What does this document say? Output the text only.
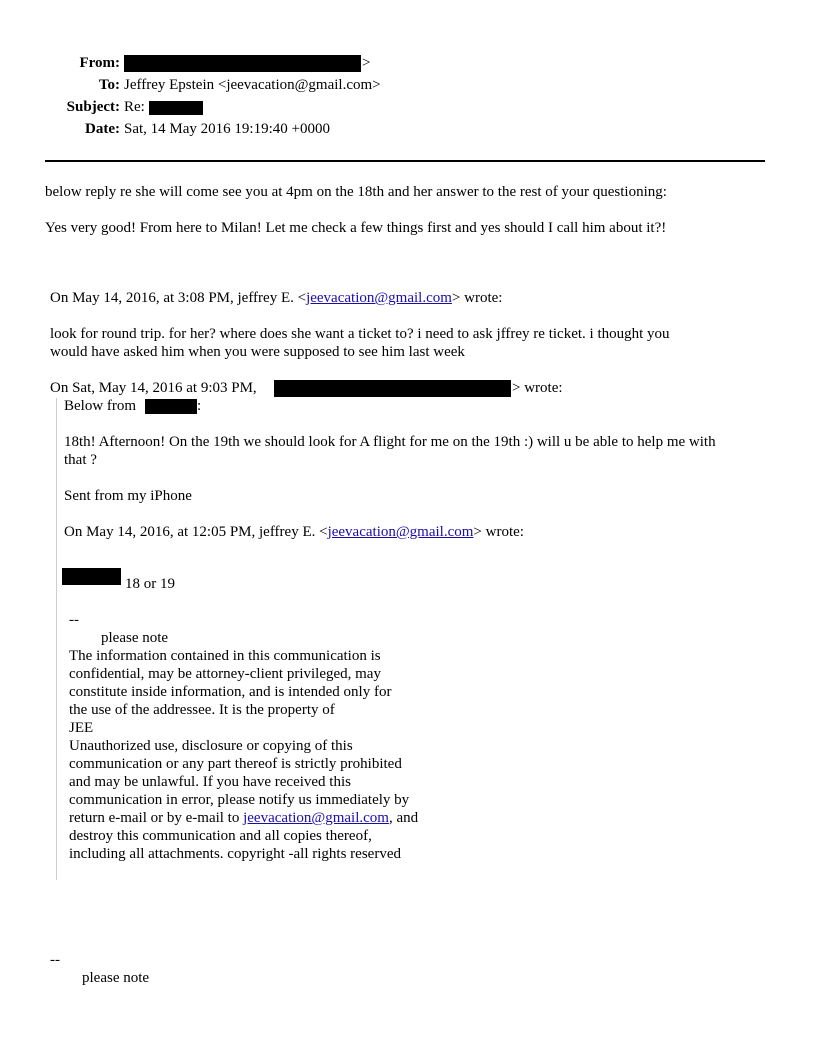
From:	>
To: Jeffrey Epstein <jeevacation@gmail.com>
Subject: Re:
Date: Sat, 14 May 2016 19:19:40 +0000
below reply re she will come see you at 4pm on the 18th and her answer to the rest of your questioning:
Yes very good! From here to Milan! Let me check a few things first and yes should I call him about it?!
On May 14, 2016, at 3:08 PM, jeffrey E. <jeevacation@gmail.com> wrote:
look for round trip. for her? where does she want a ticket to? i need to ask jffrey re ticket. i thought you
would have asked him when you were supposed to see him last week
On Sat, May 14, 2016 at 9:03 PM,	> wrote:
Below from	:
18th! Afternoon! On the 19th we should look for A flight for me on the 19th :) will u be able to help me with
that ?
Sent from my iPhone
On May 14, 2016, at 12:05 PM, jeffrey E. <jeevacation@gmail.com> wrote:
18 or 19
--
please note
The information contained in this communication is
confidential, may be attorney-client privileged, may
constitute inside information, and is intended only for
the use of the addressee. It is the property of
JEE
Unauthorized use, disclosure or copying of this
communication or any part thereof is strictly prohibited
and may be unlawful. If you have received this
communication in error, please notify us immediately by
return e-mail or by e-mail to jeevacation@gmail.com, and
destroy this communication and all copies thereof,
including all attachments. copyright -all rights reserved
--
please note
